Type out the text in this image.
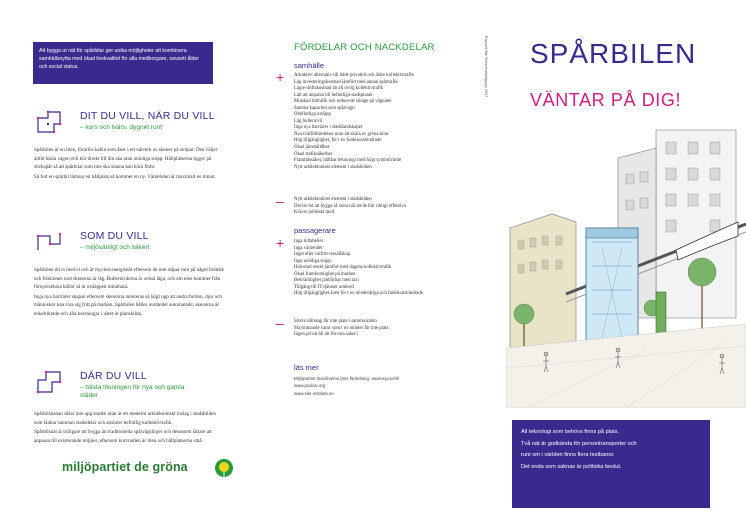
Att bygga ut nät för spårbilar ger unika möjligheter att kombinera samhällsnytta med ökad livskvalitet för alla medborgare, oavsett ålder och social status.
DIT DU VILL, NÄR DU VILL
– kors och tvärs, dygnet runt

Spårbilen är en liten, förarlös kabin som åker i ett nätverk av skenor på stolpar. Den väljer alltid bästa vägen och kör direkt till din ska utan onödiga stopp. Hållplatserna ligger på stickspår så att spårbilar som inte ska stanna kan köra förbi.

Så fort en spårbil lämnar en hållplats så kommer en ny. Väntetiden är maximalt en minut.

SOM DU VILL
– miljövänligt och säkert

Spårbilen drivs med el och är mycket energisnål eftersom de inte stäpar runt på något bränsle och friktionen mot skenorna är låg. Bullernivåerna är också låga, och om elen kommer från förnyelsebara källor så är utsläppen minimala.

Inga nya barriärer skapas eftersom skenorna monteras så högt upp att andra fordon, djur och människor kan röra sig fritt på marken. Spårbilen håller avståndet automatiskt, skenorna är enkelriktade och alla korsningar i nätet är planskilda.

DÄR DU VILL
– bästa lösningen för nya och gamla städer

Spårbilsbanan delar inte upp staden utan är ett modernt arkitektoniskt inslag i stadsbilden som länkar samman stadsdelar och ansluter befintlig kollektivtrafik.

Spårbilsnät är billigare att bygga än traditionella spårvägslinjer och dessutom lättare att anpassa till existerande miljöer, eftersom kurvradien är liten och hållplatserna små.

miljöpartiet de gröna
FÖRDELAR OCH NACKDELAR	Rapport från Tema Kontaktgrupp 2007
samhälle
+ Attraktivt alternativ till både privatbil och äldre kollektivtrafik
Låg investeringskostnad jämfört med annan spårtrafik
Lägre driftskostnad än all övrig kollektivtrafik
Lätt att anpassa till befintliga stadsplaner
Minskad biltrafik och reducerat slitage på vägnätet
Samma kapacitet som spårvagn
Obefintliga utsläpp
Låg bullernivå
Inga nya barriärer i stadslandskapet
Nya tvärförbindelser utan att skära av gröna kilar
Hög tillgänglighet, för t ex funktionshindrade
Ökad jämställdhet
Ökad trafiksäkerhet
Framtidssäker, hållbar teknologi med högt symbolvärde
Nytt arkitektoniskt element i stadsbilden
– Nytt arkitektoniskt element i stadsbilden
Det tar tid att bygga så stora nät att de blir riktigt effektiva
Kräver politiskt mod
passagerare
+ Inga tidtabeller
Inga väntetider
Inget eller valfritt ressällskap
Inga onödiga stopp
Halverad restid jämfört med dagens kollektivtrafik
Ökad framkomlighet på marken
Bekvämlighet jämförbar med taxi
Tillgång till IT-tjänster ombord
Hög tillgänglighet även för t ex minderåriga och funktionshindrade
– Större sällskap får inte plats i samma kabin
Skrymmande varor som t ex möbler får inte plats
Ingen privat bil att förvara saker i
läs mer
Miljöpartiet Stockholms läns fördelning: www.mp.se/sll
www.podcar.org
www.sikr-institute.se
SPÅRBILEN
VÄNTAR PÅ DIG!

All teknologi som behövs finns på plats.

Två nät är godkända för persontransporter och

runt om i världen finns flera testbanor.

Det enda som saknas är politiska beslut.
